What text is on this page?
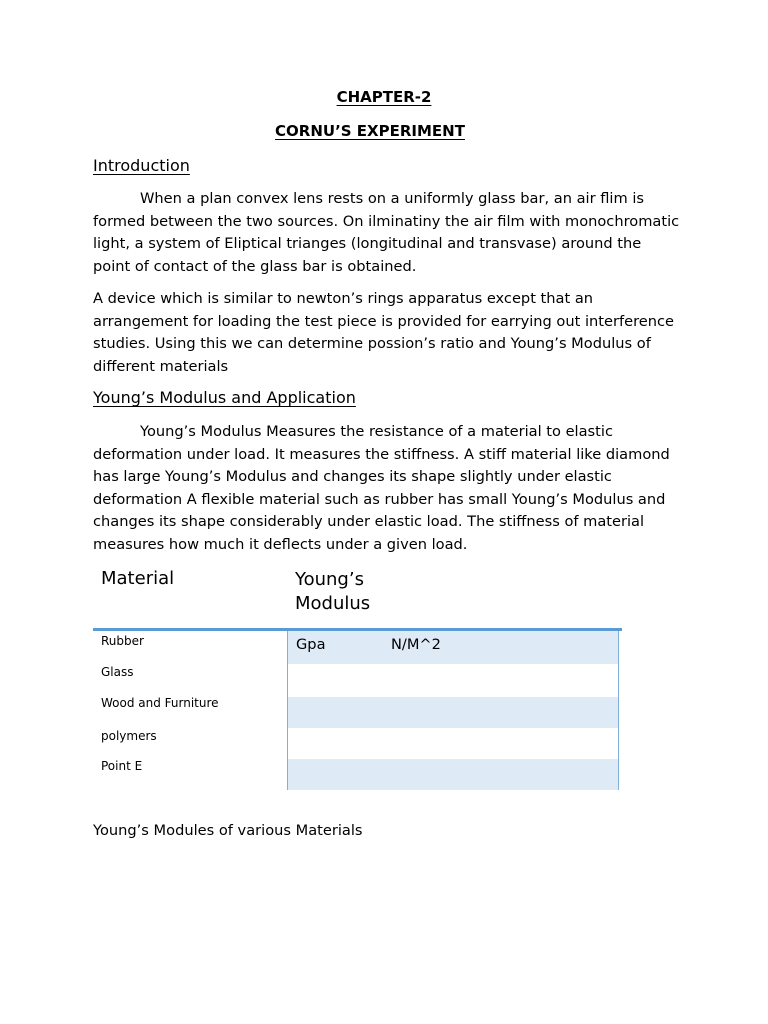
CHAPTER-2
CORNU’S EXPERIMENT
Introduction

When a plan convex lens rests on a uniformly glass bar, an air flim is formed between the two sources. On ilminatiny the air film with monochromatic light, a system of Eliptical trianges (longitudinal and transvase) around the point of contact of the glass bar is obtained.

A device which is similar to newton’s rings apparatus except that an arrangement for loading the test piece is provided for earrying out interference studies. Using this we can determine possion’s ratio and Young’s Modulus of different materials

Young’s Modulus and Application

Young’s Modulus Measures the resistance of a material to elastic deformation under load. It measures the stiffness. A stiff material like diamond has large Young’s Modulus and changes its shape slightly under elastic deformation A flexible material such as rubber has small Young’s Modulus and changes its shape considerably under elastic load. The stiffness of material measures how much it deflects under a given load.

Material	Young’s
Modulus
Gpa	N/M^2
Rubber
Glass
Wood and Furniture
polymers
Point E
Young’s Modules of various Materials
